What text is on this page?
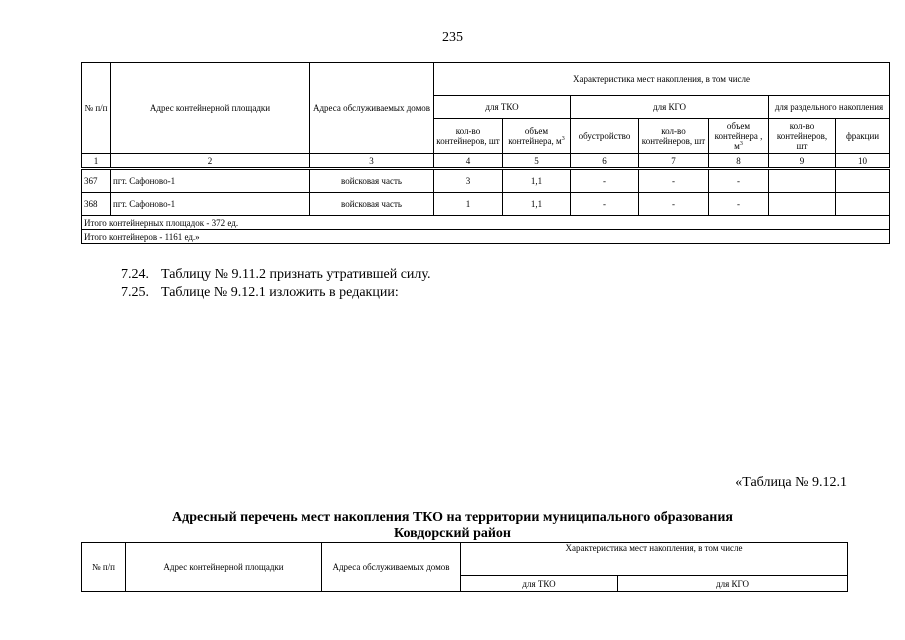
235
№ п/п	Адрес контейнерной площадки	Адреса обслуживаемых домов	Характеристика мест накопления, в том числе						
			для ТКО		для КГО			для раздельного накопления	
			кол-во контейнеров, шт	объем контейнера, $м^3$	обустройство	кол-во контейнеров, шт	объем контейнера , $м^3$	кол-во контейнеров, шт	фракции
1	2	3	4	5	6	7	8	9	10
367	пгт. Сафоново-1	войсковая часть	3	1,1	-	-	-		
368	пгт. Сафоново-1	войсковая часть	1	1,1	-	-	-		
Итого контейнерных площадок - 372 ед.									
Итого контейнеров - 1161 ед.»									
7.24. Таблицу № 9.11.2 признать утратившей силу.
7.25. Таблице № 9.12.1 изложить в редакции:
«Таблица № 9.12.1
Адресный перечень мест накопления ТКО на территории муниципального образования
Ковдорский район
№ п/п	Адрес контейнерной площадки	Адреса обслуживаемых домов	Характеристика мест накопления, в том числе	
			для ТКО	для КГО
